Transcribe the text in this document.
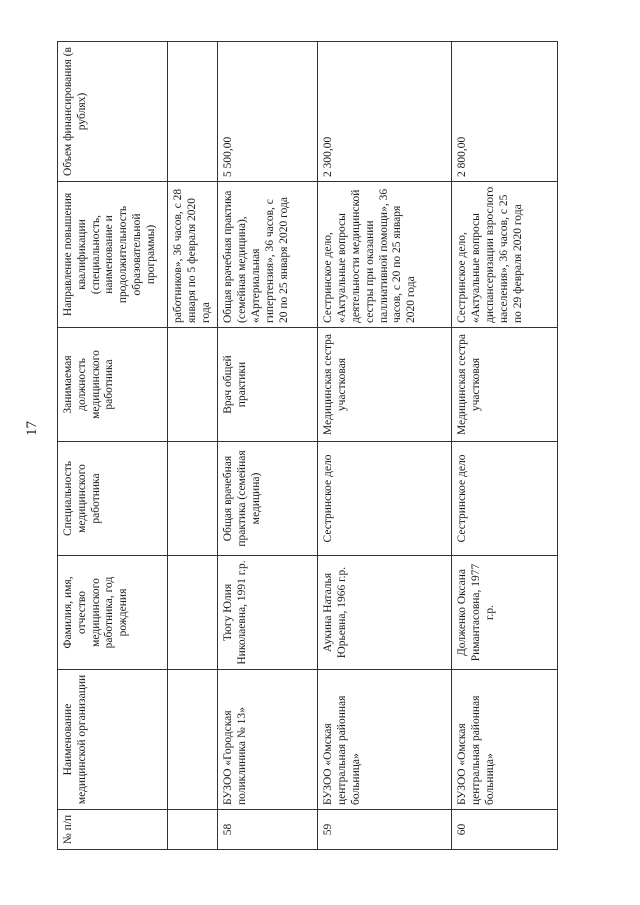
17
№ п/п	Наименование медицинской организации	Фамилия, имя, отчество медицинского работника, год рождения	Специальность медицинского работника	Занимаемая должность медицинского работника	Направление повышения квалификации (специальность, наименование и продолжительность образовательной программы)	Объем финансирования (в рублях)
					работников», 36 часов, с 28 января по 5 февраля 2020 года	
58	БУЗОО «Городская поликлиника № 13»	Тюгу Юлия Николаевна, 1991 г.р.	Общая врачебная практика (семейная медицина)	Врач общей практики	Общая врачебная практика (семейная медицина), «Артериальная гипертензия», 36 часов, с 20 по 25 января 2020 года	5 500,00
59	БУЗОО «Омская центральная районная больница»	Аукина Наталья Юрьевна, 1966 г.р.	Сестринское дело	Медицинская сестра участковая	Сестринское дело, «Актуальные вопросы деятельности медицинской сестры при оказании паллиативной помощи», 36 часов, с 20 по 25 января 2020 года	2 300,00
60	БУЗОО «Омская центральная районная больница»	Долженко Оксана Римантасовна, 1977 г.р.	Сестринское дело	Медицинская сестра участковая	Сестринское дело, «Актуальные вопросы диспансеризации взрослого населения», 36 часов, с 25 по 29 февраля 2020 года	2 800,00
